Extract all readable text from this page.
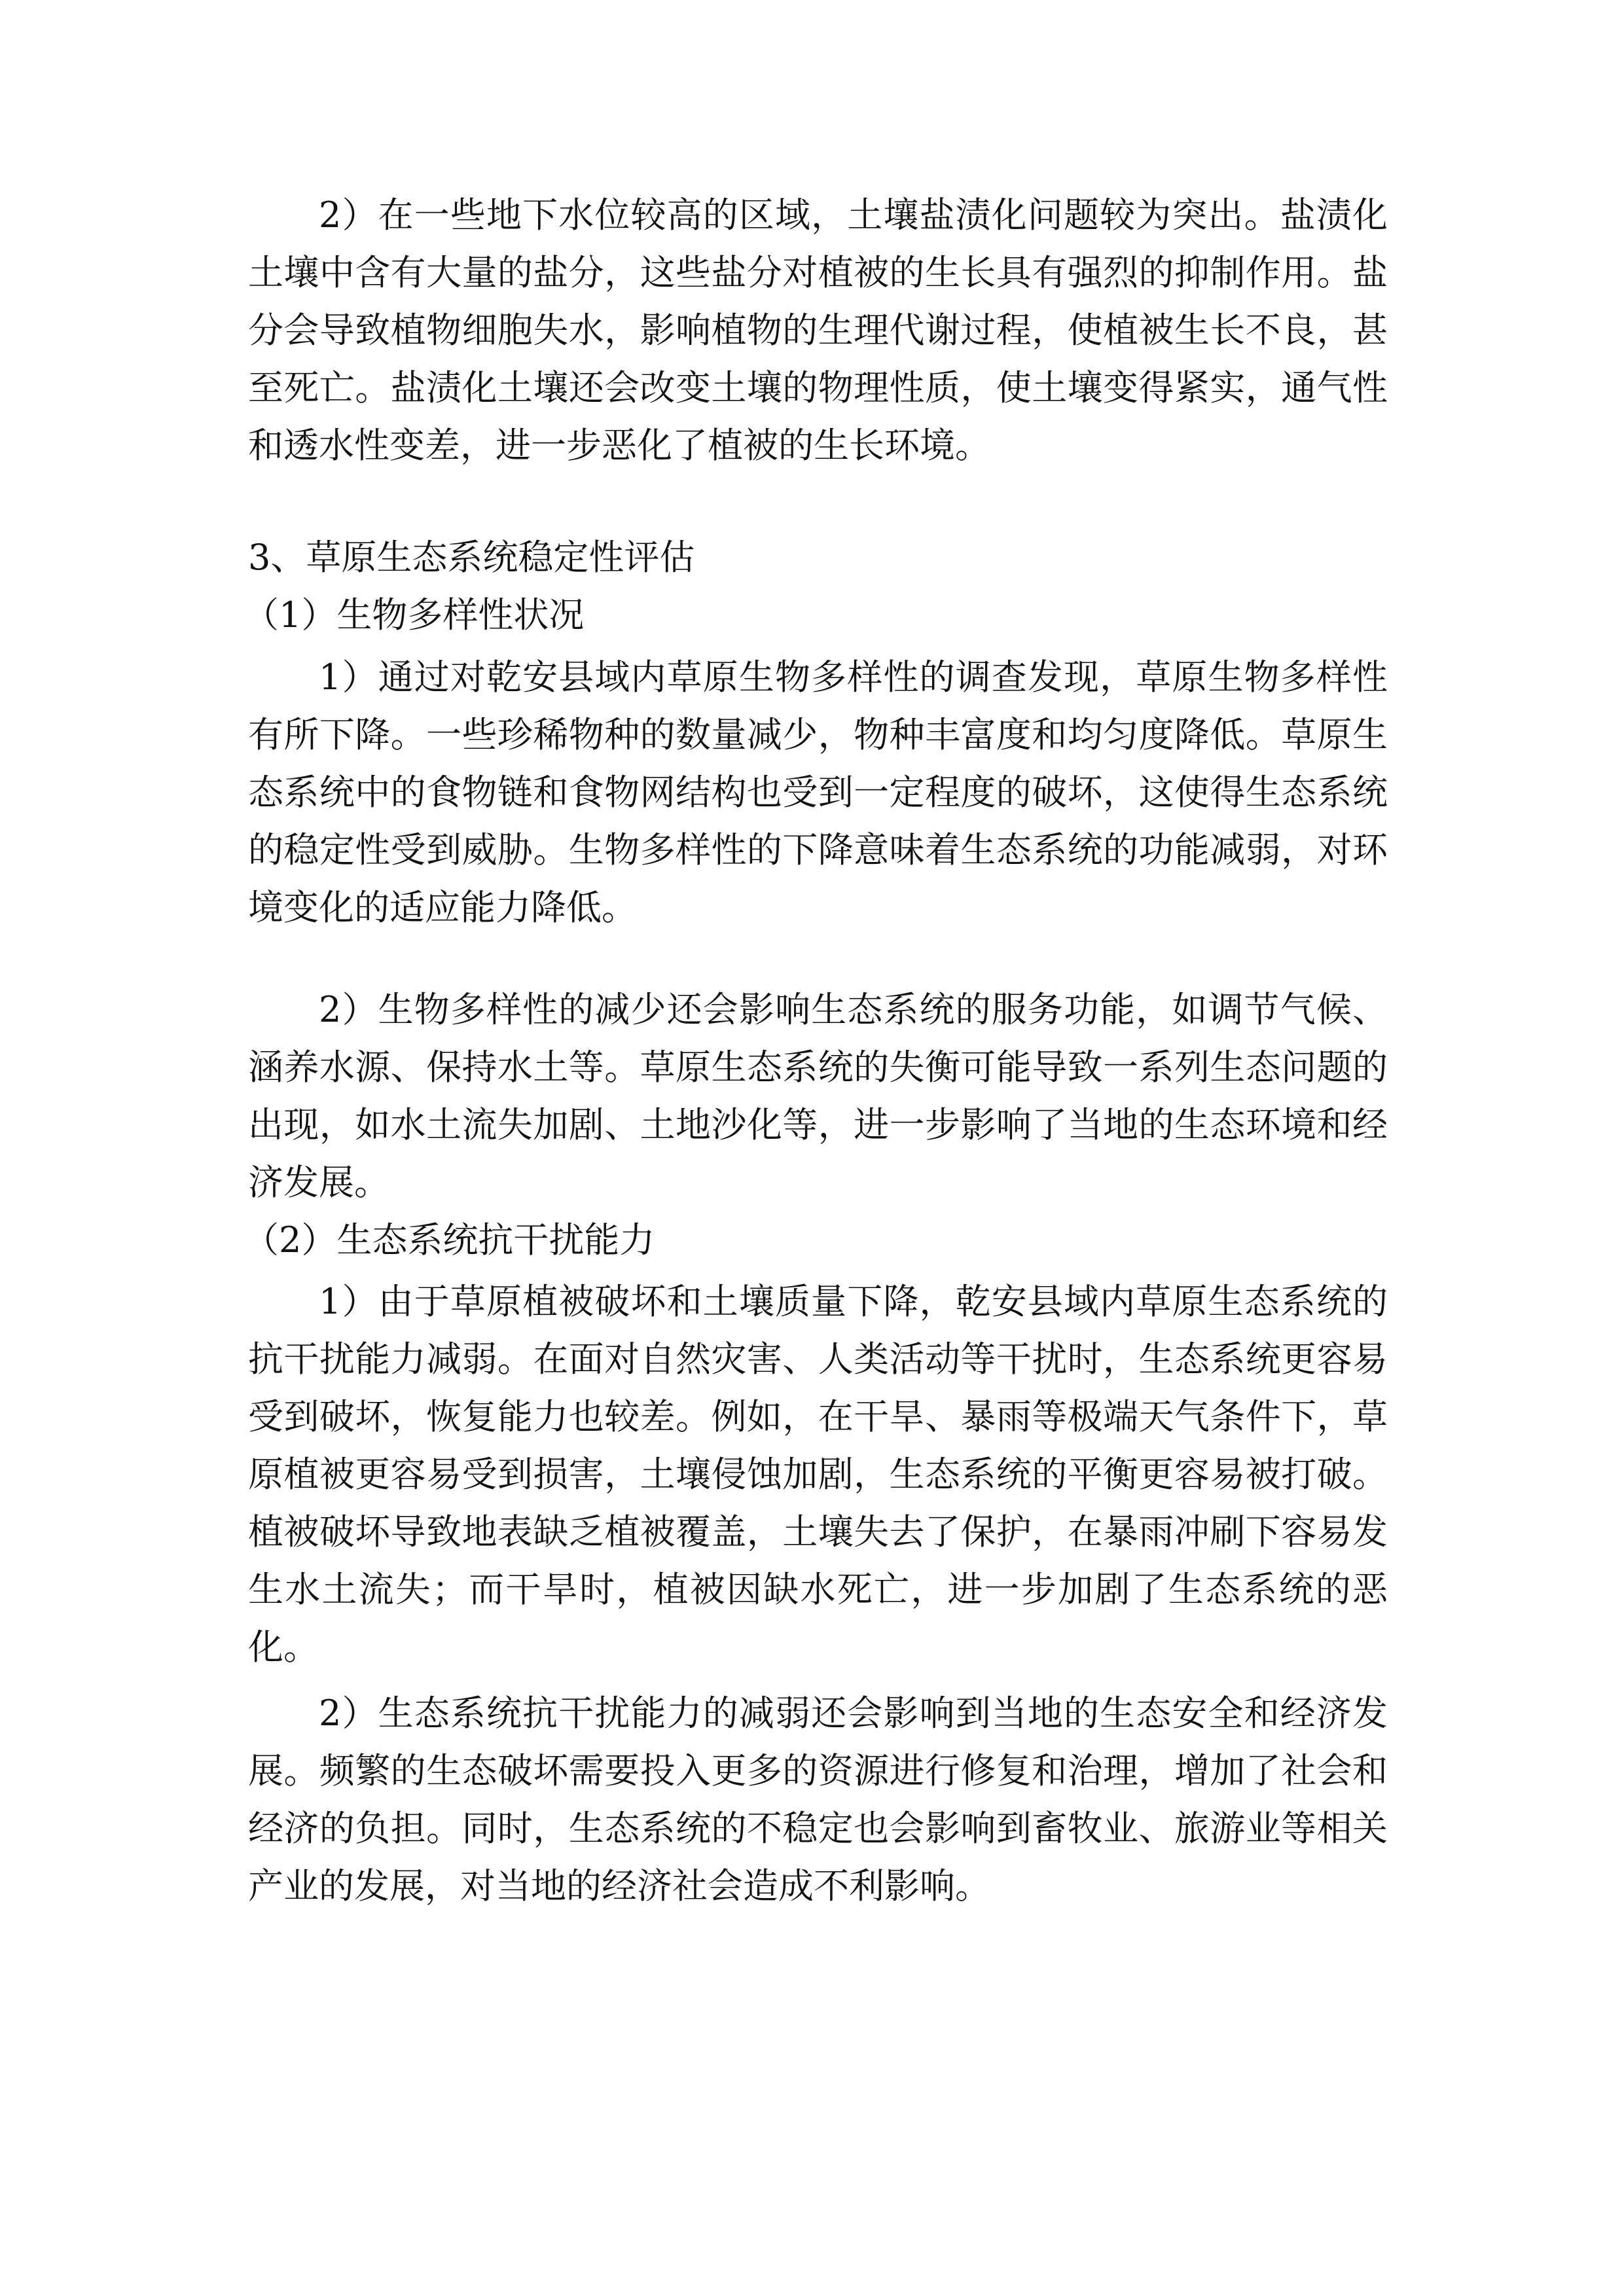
2）在一些地下水位较高的区域，土壤盐渍化问题较为突出。盐渍化土壤中含有大量的盐分，这些盐分对植被的生长具有强烈的抑制作用。盐分会导致植物细胞失水，影响植物的生理代谢过程，使植被生长不良，甚至死亡。盐渍化土壤还会改变土壤的物理性质，使土壤变得紧实，通气性和透水性变差，进一步恶化了植被的生长环境。

3、草原生态系统稳定性评估

（1）生物多样性状况

1）通过对乾安县域内草原生物多样性的调查发现，草原生物多样性有所下降。一些珍稀物种的数量减少，物种丰富度和均匀度降低。草原生态系统中的食物链和食物网结构也受到一定程度的破坏，这使得生态系统的稳定性受到威胁。生物多样性的下降意味着生态系统的功能减弱，对环境变化的适应能力降低。

2）生物多样性的减少还会影响生态系统的服务功能，如调节气候、涵养水源、保持水土等。草原生态系统的失衡可能导致一系列生态问题的出现，如水土流失加剧、土地沙化等，进一步影响了当地的生态环境和经济发展。

（2）生态系统抗干扰能力

1）由于草原植被破坏和土壤质量下降，乾安县域内草原生态系统的抗干扰能力减弱。在面对自然灾害、人类活动等干扰时，生态系统更容易受到破坏，恢复能力也较差。例如，在干旱、暴雨等极端天气条件下，草原植被更容易受到损害，土壤侵蚀加剧，生态系统的平衡更容易被打破。植被破坏导致地表缺乏植被覆盖，土壤失去了保护，在暴雨冲刷下容易发生水土流失；而干旱时，植被因缺水死亡，进一步加剧了生态系统的恶化。

2）生态系统抗干扰能力的减弱还会影响到当地的生态安全和经济发展。频繁的生态破坏需要投入更多的资源进行修复和治理，增加了社会和经济的负担。同时，生态系统的不稳定也会影响到畜牧业、旅游业等相关产业的发展，对当地的经济社会造成不利影响。
